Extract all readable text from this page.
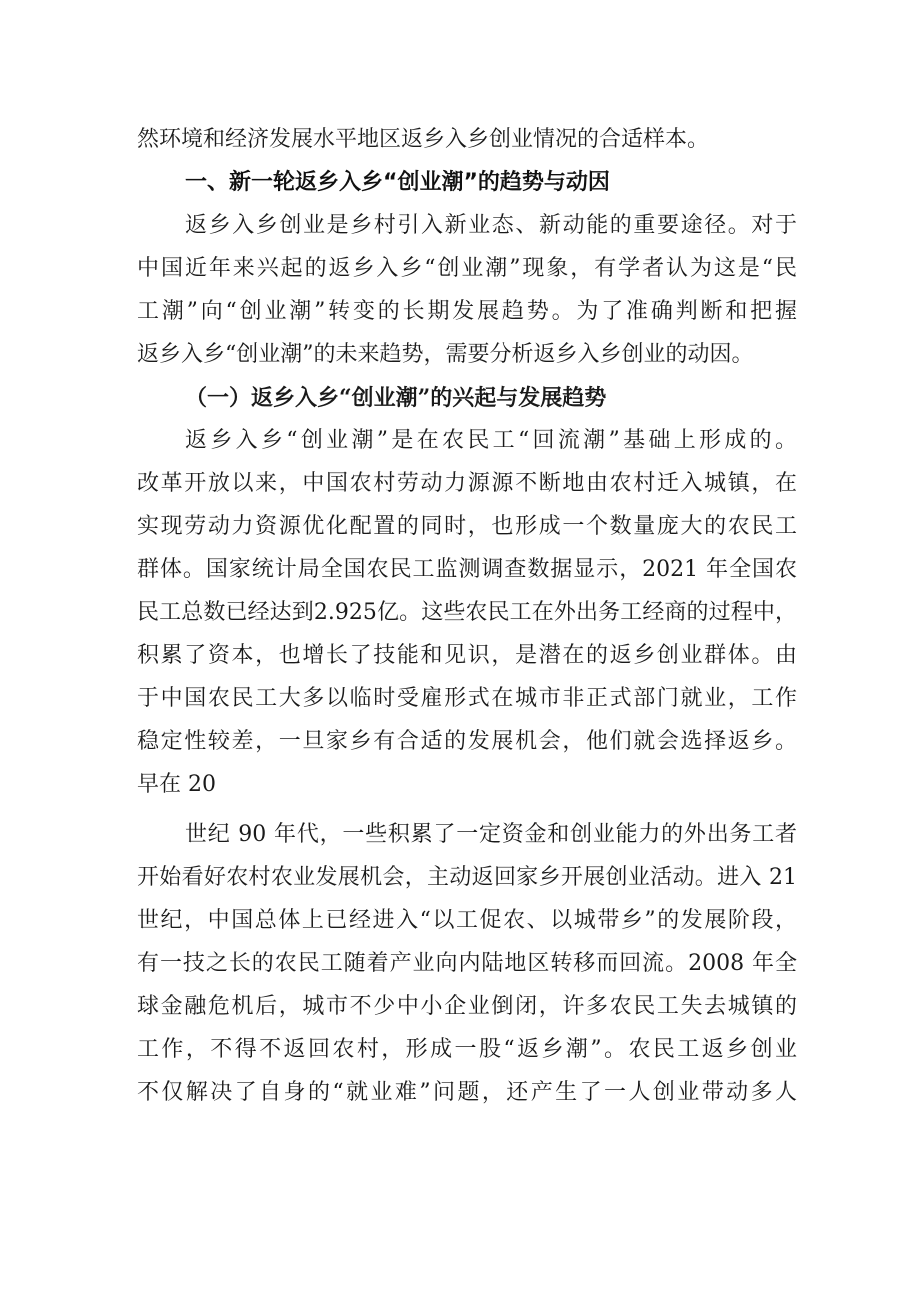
然环境和经济发展水平地区返乡入乡创业情况的合适样本。

一、新一轮返乡入乡“创业潮”的趋势与动因

返乡入乡创业是乡村引入新业态、新动能的重要途径。对于

中国近年来兴起的返乡入乡“创业潮”现象，有学者认为这是“民

工潮”向“创业潮”转变的长期发展趋势。为了准确判断和把握

返乡入乡“创业潮”的未来趋势，需要分析返乡入乡创业的动因。

（一）返乡入乡“创业潮”的兴起与发展趋势

返乡入乡“创业潮”是在农民工“回流潮”基础上形成的。

改革开放以来，中国农村劳动力源源不断地由农村迁入城镇，在

实现劳动力资源优化配置的同时，也形成一个数量庞大的农民工

群体。国家统计局全国农民工监测调查数据显示，2021 年全国农

民工总数已经达到2.925亿。这些农民工在外出务工经商的过程中，

积累了资本，也增长了技能和见识，是潜在的返乡创业群体。由

于中国农民工大多以临时受雇形式在城市非正式部门就业，工作

稳定性较差，一旦家乡有合适的发展机会，他们就会选择返乡。

早在 20

世纪 90 年代，一些积累了一定资金和创业能力的外出务工者

开始看好农村农业发展机会，主动返回家乡开展创业活动。进入 21

世纪，中国总体上已经进入“以工促农、以城带乡”的发展阶段，

有一技之长的农民工随着产业向内陆地区转移而回流。2008 年全

球金融危机后，城市不少中小企业倒闭，许多农民工失去城镇的

工作，不得不返回农村，形成一股“返乡潮”。农民工返乡创业

不仅解决了自身的“就业难”问题，还产生了一人创业带动多人
